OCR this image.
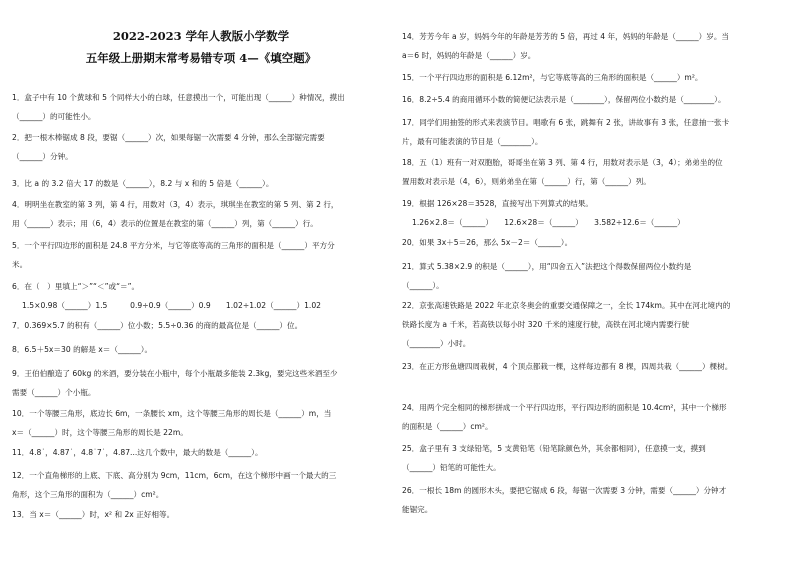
2022-2023 学年人教版小学数学
五年级上册期末常考易错专项 4—《填空题》
1．盒子中有 10 个黄球和 5 个同样大小的白球，任意摸出一个，可能出现（______）种情况，摸出
（______）的可能性小。
2．把一根木棒锯成 8 段，要锯（______）次，如果每锯一次需要 4 分钟，那么全部锯完需要
（______）分钟。
3．比 a 的 3.2 倍大 17 的数是（______），8.2 与 x 和的 5 倍是（______）。
4．明明坐在教室的第 3 列，第 4 行，用数对（3，4）表示，琪琪坐在教室的第 5 列、第 2 行，
用（______）表示；用（6，4）表示的位置是在教室的第（______）列，第（______）行。
5．一个平行四边形的面积是 24.8 平方分米，与它等底等高的三角形的面积是（______）平方分
米。
6．在（　）里填上“＞”“＜”或“＝”。
1.5×0.98（______）1.5　　　0.9÷0.9（______）0.9　　1.02÷1.02（______）1.02
7．0.369×5.7 的积有（______）位小数；5.5÷0.36 的商的最高位是（______）位。
8．6.5＋5x＝30 的解是 x＝（______）。
9．王伯伯酿造了 60kg 的米酒，要分装在小瓶中，每个小瓶最多能装 2.3kg，要完这些米酒至少
需要（______）个小瓶。
10．一个等腰三角形，底边长 6m，一条腰长 xm，这个等腰三角形的周长是（______）m，当
x＝（______）时，这个等腰三角形的周长是 22m。
11．4.8˙，4.87˙，4.8˙7˙，4.87...这几个数中，最大的数是（______）。
12．一个直角梯形的上底、下底、高分别为 9cm，11cm，6cm，在这个梯形中画一个最大的三
角形，这个三角形的面积为（______）cm²。
13．当 x＝（______）时，x² 和 2x 正好相等。
14．芳芳今年 a 岁，妈妈今年的年龄是芳芳的 5 倍，再过 4 年，妈妈的年龄是（______）岁。当
a＝6 时，妈妈的年龄是（______）岁。
15．一个平行四边形的面积是 6.12m²，与它等底等高的三角形的面积是（______）m²。
16．8.2÷5.4 的商用循环小数的简便记法表示是（________），保留两位小数约是（________）。
17．同学们用抽签的形式来表演节目。唱歌有 6 张，跳舞有 2 张，讲故事有 3 张，任意抽一张卡
片，最有可能表演的节目是（________）。
18．五（1）班有一对双胞胎，哥哥坐在第 3 列、第 4 行，用数对表示是（3，4）；弟弟坐的位
置用数对表示是（4，6），则弟弟坐在第（______）行，第（______）列。
19．根据 126×28＝3528，直接写出下列算式的结果。
1.26×2.8＝（______）　　12.6×28＝（______）　　3.582÷12.6＝（______）
20．如果 3x＋5＝26，那么 5x－2＝（______）。
21．算式 5.38×2.9 的积是（______），用“四舍五入”法把这个得数保留两位小数约是
（______）。
22．京张高速铁路是 2022 年北京冬奥会的重要交通保障之一，全长 174km。其中在河北境内的
铁路长度为 a 千米，若高铁以每小时 320 千米的速度行驶，高铁在河北境内需要行驶
（________）小时。
23．在正方形鱼塘四周栽树，4 个顶点都栽一棵，这样每边都有 8 棵，四周共栽（______）棵树。
24．用两个完全相同的梯形拼成一个平行四边形，平行四边形的面积是 10.4cm²，其中一个梯形
的面积是（______）cm²。
25．盒子里有 3 支绿铅笔，5 支黄铅笔（铅笔除颜色外，其余都相同），任意摸一支，摸到
（______）铅笔的可能性大。
26．一根长 18m 的圆形木头，要把它锯成 6 段，每锯一次需要 3 分钟，需要（______）分钟才
能锯完。
